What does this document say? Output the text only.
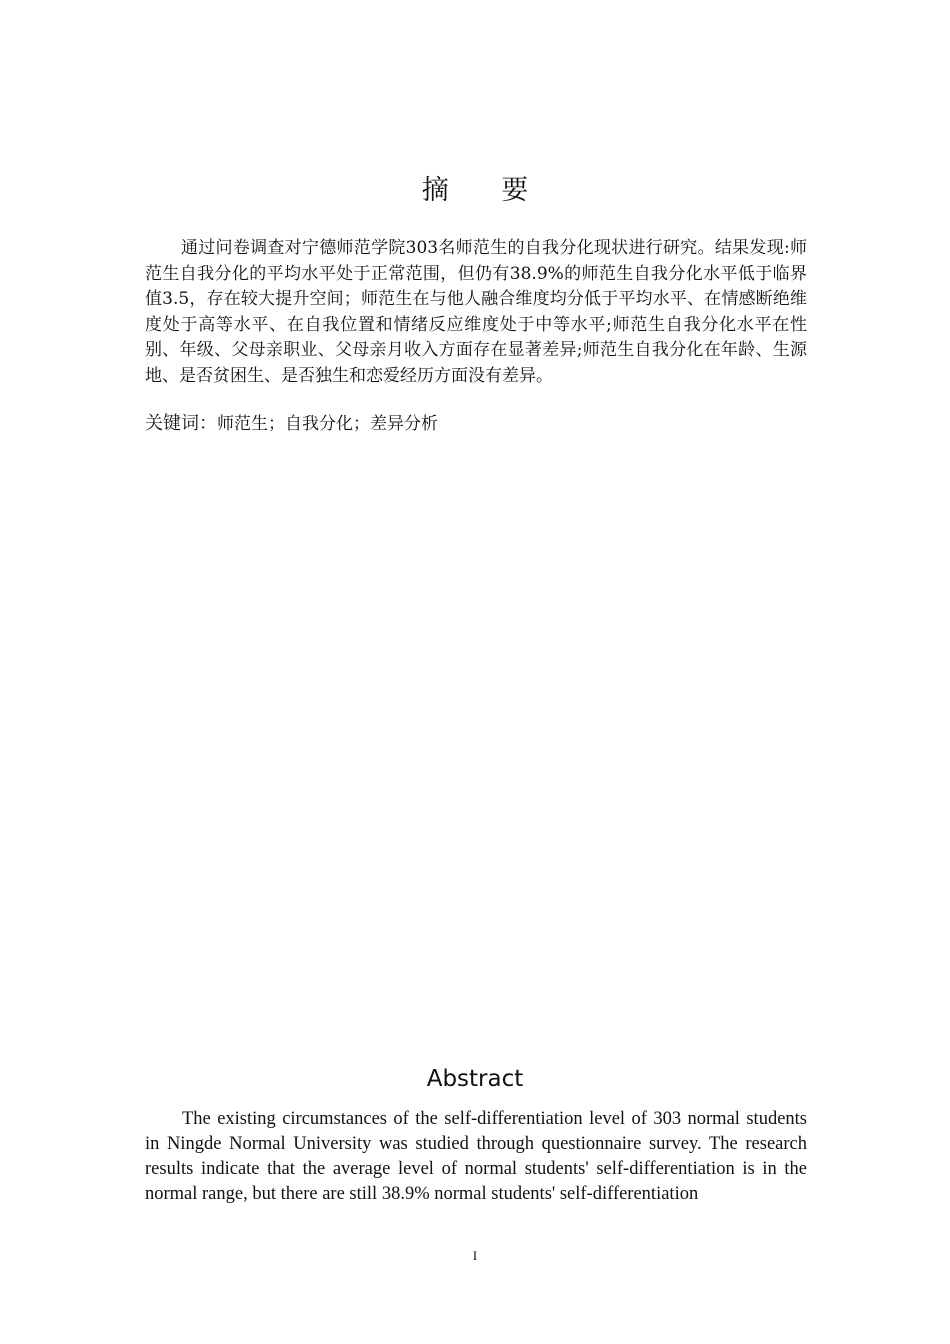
摘 要

通过问卷调查对宁德师范学院303名师范生的自我分化现状进行研究。结果发现:师范生自我分化的平均水平处于正常范围，但仍有38.9%的师范生自我分化水平低于临界值3.5，存在较大提升空间；师范生在与他人融合维度均分低于平均水平、在情感断绝维度处于高等水平、在自我位置和情绪反应维度处于中等水平;师范生自我分化水平在性别、年级、父母亲职业、父母亲月收入方面存在显著差异;师范生自我分化在年龄、生源地、是否贫困生、是否独生和恋爱经历方面没有差异。

关键词：师范生；自我分化；差异分析

Abstract

The existing circumstances of the self-differentiation level of 303 normal students in Ningde Normal University was studied through questionnaire survey. The research results indicate that the average level of normal students' self-differentiation is in the normal range, but there are still 38.9% normal students' self-differentiation

I
